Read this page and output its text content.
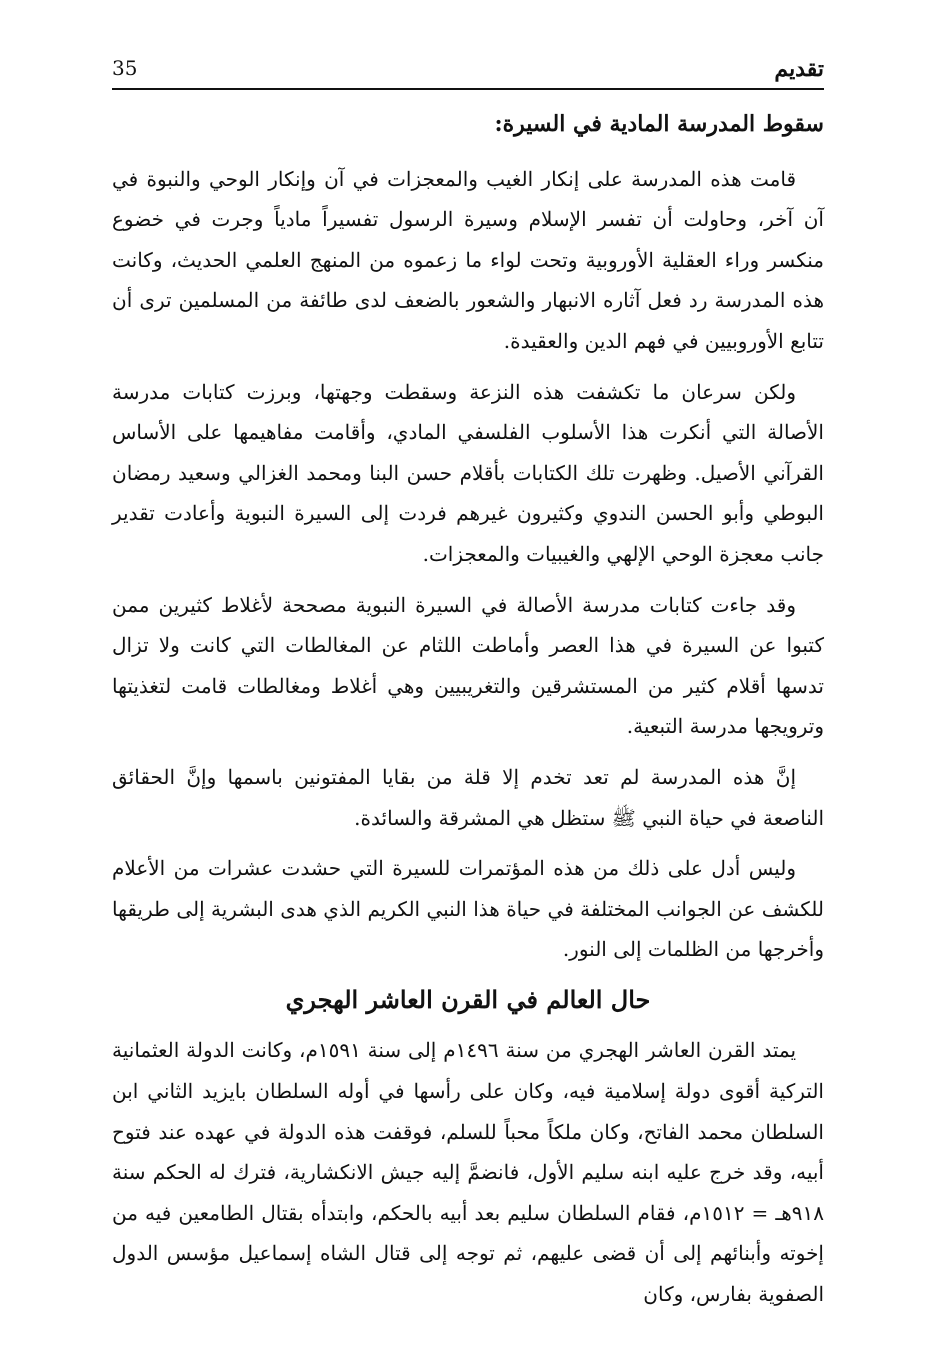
تقديم
35
سقوط المدرسة المادية في السيرة:

قامت هذه المدرسة على إنكار الغيب والمعجزات في آن وإنكار الوحي والنبوة في آن آخر، وحاولت أن تفسر الإسلام وسيرة الرسول تفسيراً مادياً وجرت في خضوع منكسر وراء العقلية الأوروبية وتحت لواء ما زعموه من المنهج العلمي الحديث، وكانت هذه المدرسة رد فعل آثاره الانبهار والشعور بالضعف لدى طائفة من المسلمين ترى أن تتابع الأوروبيين في فهم الدين والعقيدة.

ولكن سرعان ما تكشفت هذه النزعة وسقطت وجهتها، وبرزت كتابات مدرسة الأصالة التي أنكرت هذا الأسلوب الفلسفي المادي، وأقامت مفاهيمها على الأساس القرآني الأصيل. وظهرت تلك الكتابات بأقلام حسن البنا ومحمد الغزالي وسعيد رمضان البوطي وأبو الحسن الندوي وكثيرون غيرهم فردت إلى السيرة النبوية وأعادت تقدير جانب معجزة الوحي الإلهي والغيبيات والمعجزات.

وقد جاءت كتابات مدرسة الأصالة في السيرة النبوية مصححة لأغلاط كثيرين ممن كتبوا عن السيرة في هذا العصر وأماطت اللثام عن المغالطات التي كانت ولا تزال تدسها أقلام كثير من المستشرقين والتغريبيين وهي أغلاط ومغالطات قامت لتغذيتها وترويجها مدرسة التبعية.

إنَّ هذه المدرسة لم تعد تخدم إلا قلة من بقايا المفتونين باسمها وإنَّ الحقائق الناصعة في حياة النبي ﷺ ستظل هي المشرقة والسائدة.

وليس أدل على ذلك من هذه المؤتمرات للسيرة التي حشدت عشرات من الأعلام للكشف عن الجوانب المختلفة في حياة هذا النبي الكريم الذي هدى البشرية إلى طريقها وأخرجها من الظلمات إلى النور.

حال العالم في القرن العاشر الهجري

يمتد القرن العاشر الهجري من سنة ١٤٩٦م إلى سنة ١٥٩١م، وكانت الدولة العثمانية التركية أقوى دولة إسلامية فيه، وكان على رأسها في أوله السلطان بايزيد الثاني ابن السلطان محمد الفاتح، وكان ملكاً محباً للسلم، فوقفت هذه الدولة في عهده عند فتوح أبيه، وقد خرج عليه ابنه سليم الأول، فانضمَّ إليه جيش الانكشارية، فترك له الحكم سنة ٩١٨هـ = ١٥١٢م، فقام السلطان سليم بعد أبيه بالحكم، وابتدأه بقتال الطامعين فيه من إخوته وأبنائهم إلى أن قضى عليهم، ثم توجه إلى قتال الشاه إسماعيل مؤسس الدول الصفوية بفارس، وكان
